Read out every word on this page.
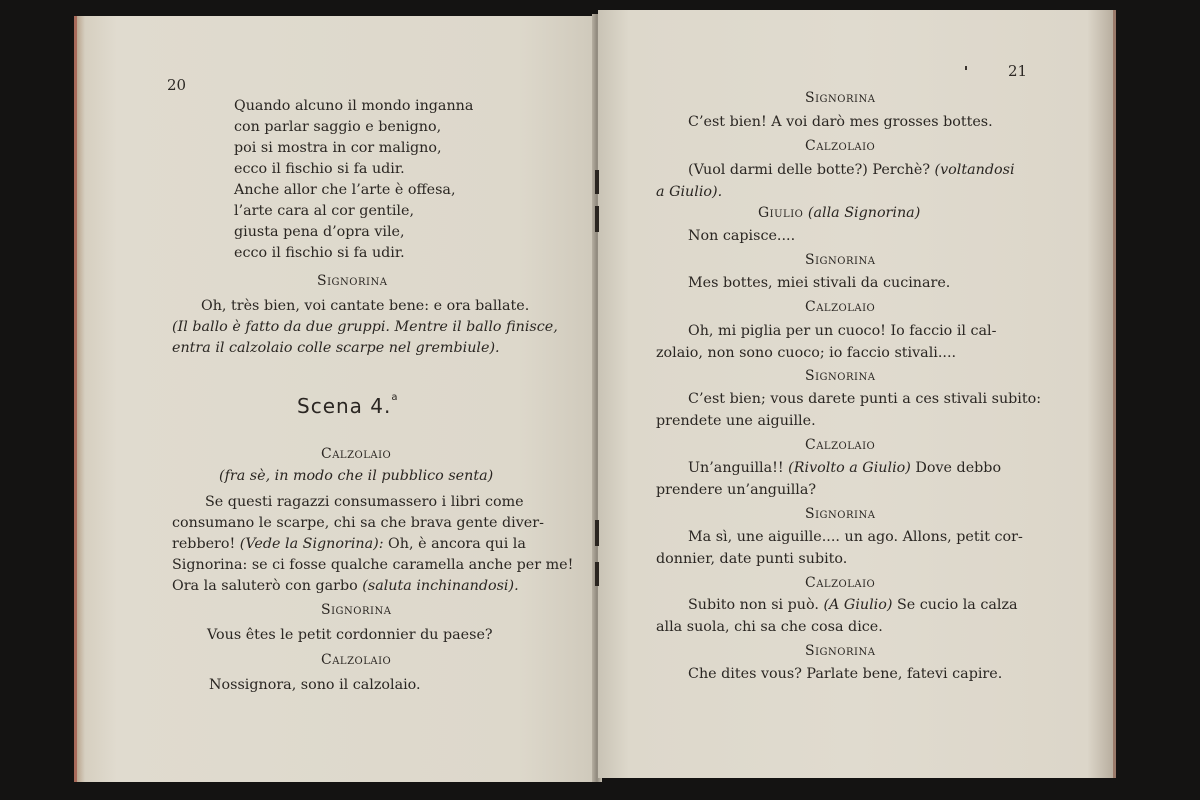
20
Quando alcuno il mondo inganna
con parlar saggio e benigno,
poi si mostra in cor maligno,
ecco il fischio si fa udir.
Anche allor che l’arte è offesa,
l’arte cara al cor gentile,
giusta pena d’opra vile,
ecco il fischio si fa udir.
Signorina
Oh, très bien, voi cantate bene: e ora ballate.
(Il ballo è fatto da due gruppi. Mentre il ballo finisce,
entra il calzolaio colle scarpe nel grembiule).
Scena 4.$^a$
Calzolaio
(fra sè, in modo che il pubblico senta)
Se questi ragazzi consumassero i libri come
consumano le scarpe, chi sa che brava gente diver-
rebbero! (Vede la Signorina): Oh, è ancora qui la
Signorina: se ci fosse qualche caramella anche per me!
Ora la saluterò con garbo (saluta inchinandosi).
Signorina
Vous êtes le petit cordonnier du paese?
Calzolaio
Nossignora, sono il calzolaio.
21
Signorina
C’est bien! A voi darò mes grosses bottes.
Calzolaio
(Vuol darmi delle botte?) Perchè? (voltandosi
a Giulio).
Giulio (alla Signorina)
Non capisce....
Signorina
Mes bottes, miei stivali da cucinare.
Calzolaio
Oh, mi piglia per un cuoco! Io faccio il cal-
zolaio, non sono cuoco; io faccio stivali....
Signorina
C’est bien; vous darete punti a ces stivali subito:
prendete une aiguille.
Calzolaio
Un’anguilla!! (Rivolto a Giulio) Dove debbo
prendere un’anguilla?
Signorina
Ma sì, une aiguille.... un ago. Allons, petit cor-
donnier, date punti subito.
Calzolaio
Subito non si può. (A Giulio) Se cucio la calza
alla suola, chi sa che cosa dice.
Signorina
Che dites vous? Parlate bene, fatevi capire.
